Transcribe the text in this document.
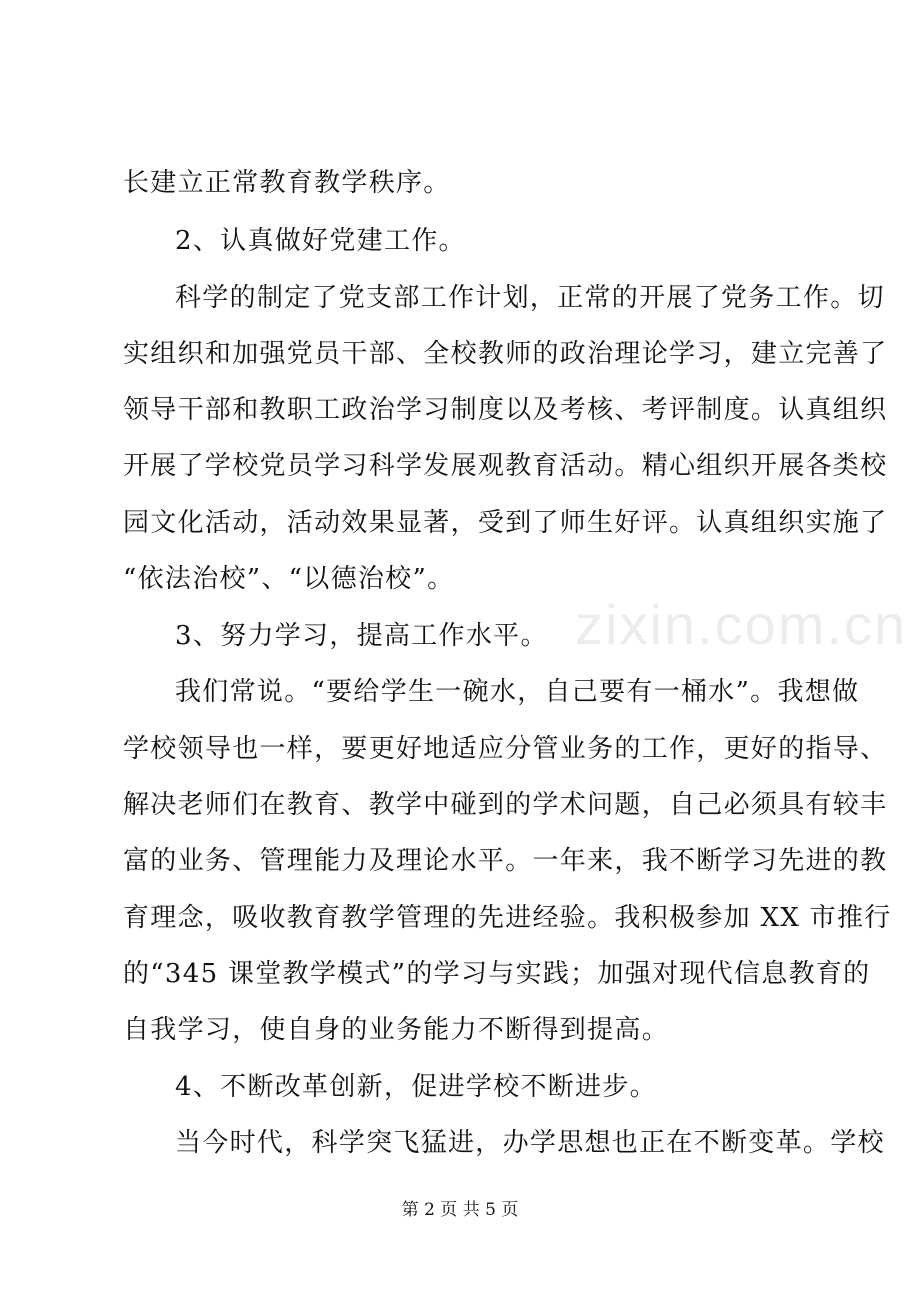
zixin.com.cn
长建立正常教育教学秩序。
2、认真做好党建工作。
科学的制定了党支部工作计划，正常的开展了党务工作。切
实组织和加强党员干部、全校教师的政治理论学习，建立完善了
领导干部和教职工政治学习制度以及考核、考评制度。认真组织
开展了学校党员学习科学发展观教育活动。精心组织开展各类校
园文化活动，活动效果显著，受到了师生好评。认真组织实施了
“依法治校”、“以德治校”。
3、努力学习，提高工作水平。
我们常说。“要给学生一碗水，自己要有一桶水”。我想做
学校领导也一样，要更好地适应分管业务的工作，更好的指导、
解决老师们在教育、教学中碰到的学术问题，自己必须具有较丰
富的业务、管理能力及理论水平。一年来，我不断学习先进的教
育理念，吸收教育教学管理的先进经验。我积极参加 XX 市推行
的“345 课堂教学模式”的学习与实践；加强对现代信息教育的
自我学习，使自身的业务能力不断得到提高。
4、不断改革创新，促进学校不断进步。
当今时代，科学突飞猛进，办学思想也正在不断变革。学校
第 2 页 共 5 页
